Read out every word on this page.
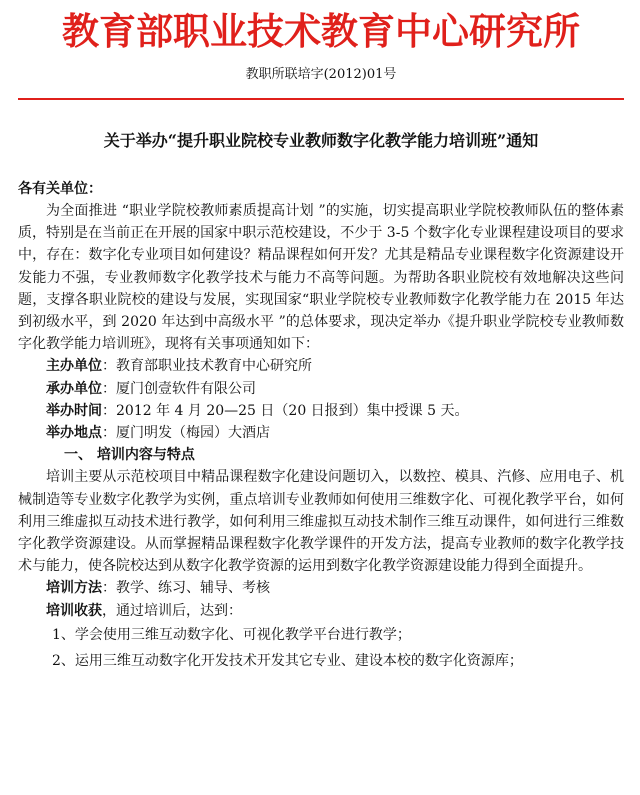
教育部职业技术教育中心研究所
教职所联培字(2012)01号
关于举办“提升职业院校专业教师数字化教学能力培训班”通知
各有关单位：

为全面推进 “职业学院校教师素质提高计划 ”的实施，切实提高职业学院校教师队伍的整体素质，特别是在当前正在开展的国家中职示范校建设，不少于 3-5 个数字化专业课程建设项目的要求中，存在：数字化专业项目如何建设？精品课程如何开发？尤其是精品专业课程数字化资源建设开发能力不强，专业教师数字化教学技术与能力不高等问题。为帮助各职业院校有效地解决这些问题，支撑各职业院校的建设与发展，实现国家“职业学院校专业教师数字化教学能力在 2015 年达到初级水平，到 2020 年达到中高级水平 ”的总体要求，现决定举办《提升职业学院校专业教师数字化教学能力培训班》，现将有关事项通知如下：

主办单位：教育部职业技术教育中心研究所

承办单位：厦门创壹软件有限公司

举办时间：2012 年 4 月 20—25 日（20 日报到）集中授课 5 天。

举办地点：厦门明发（梅园）大酒店

一、 培训内容与特点

培训主要从示范校项目中精品课程数字化建设问题切入，以数控、模具、汽修、应用电子、机械制造等专业数字化教学为实例，重点培训专业教师如何使用三维数字化、可视化教学平台，如何利用三维虚拟互动技术进行教学，如何利用三维虚拟互动技术制作三维互动课件，如何进行三维数字化教学资源建设。从而掌握精品课程数字化教学课件的开发方法，提高专业教师的数字化教学技术与能力，使各院校达到从数字化教学资源的运用到数字化教学资源建设能力得到全面提升。

培训方法：教学、练习、辅导、考核

培训收获，通过培训后，达到：

1、学会使用三维互动数字化、可视化教学平台进行教学；

2、运用三维互动数字化开发技术开发其它专业、建设本校的数字化资源库；
